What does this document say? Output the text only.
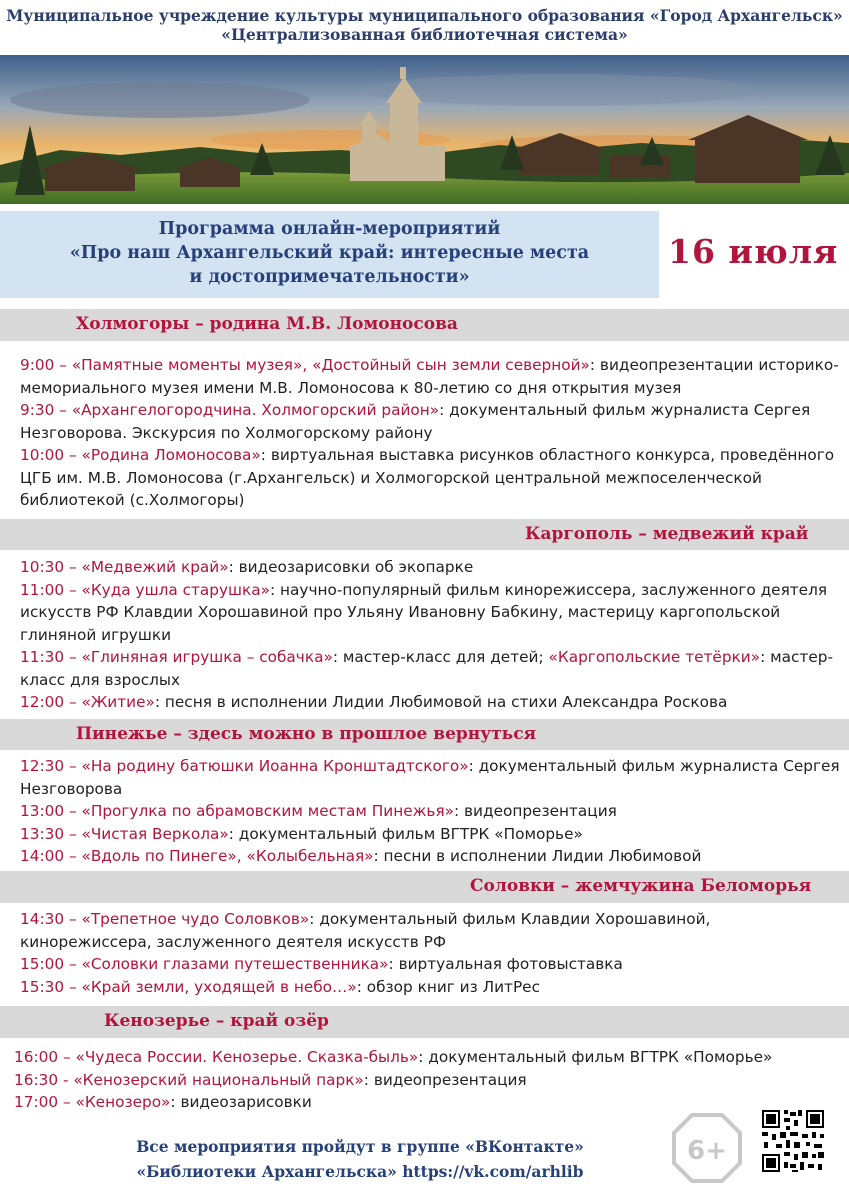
Муниципальное учреждение культуры муниципального образования «Город Архангельск»
«Централизованная библиотечная система»
Программа онлайн-мероприятий
«Про наш Архангельский край: интересные места
и достопримечательности»
16 июля
Холмогоры – родина М.В. Ломоносова

9:00 – «Памятные моменты музея», «Достойный сын земли северной»: видеопрезентации историко-мемориального музея имени М.В. Ломоносова к 80-летию со дня открытия музея

9:30 – «Архангелогородчина. Холмогорский район»: документальный фильм журналиста Сергея Незговорова. Экскурсия по Холмогорскому району

10:00 – «Родина Ломоносова»: виртуальная выставка рисунков областного конкурса, проведённого ЦГБ им. М.В. Ломоносова (г.Архангельск) и Холмогорской центральной межпоселенческой библиотекой (с.Холмогоры)

Каргополь – медвежий край

10:30 – «Медвежий край»: видеозарисовки об экопарке

11:00 – «Куда ушла старушка»: научно-популярный фильм кинорежиссера, заслуженного деятеля искусств РФ Клавдии Хорошавиной про Ульяну Ивановну Бабкину, мастерицу каргопольской глиняной игрушки

11:30 – «Глиняная игрушка – собачка»: мастер-класс для детей; «Каргопольские тетёрки»: мастер-класс для взрослых

12:00 – «Житие»: песня в исполнении Лидии Любимовой на стихи Александра Роскова

Пинежье – здесь можно в прошлое вернуться

12:30 – «На родину батюшки Иоанна Кронштадтского»: документальный фильм журналиста Сергея Незговорова

13:00 – «Прогулка по абрамовским местам Пинежья»: видеопрезентация

13:30 – «Чистая Веркола»: документальный фильм ВГТРК «Поморье»

14:00 – «Вдоль по Пинеге», «Колыбельная»: песни в исполнении Лидии Любимовой

Соловки – жемчужина Беломорья

14:30 – «Трепетное чудо Соловков»: документальный фильм Клавдии Хорошавиной, кинорежиссера, заслуженного деятеля искусств РФ

15:00 – «Соловки глазами путешественника»: виртуальная фотовыставка

15:30 – «Край земли, уходящей в небо…»: обзор книг из ЛитРес

Кенозерье – край озёр

16:00 – «Чудеса России. Кенозерье. Сказка-быль»: документальный фильм ВГТРК «Поморье»

16:30 - «Кенозерский национальный парк»: видеопрезентация

17:00 – «Кенозеро»: видеозарисовки

Все мероприятия пройдут в группе «ВКонтакте»
«Библиотеки Архангельска» https://vk.com/arhlib
6+
